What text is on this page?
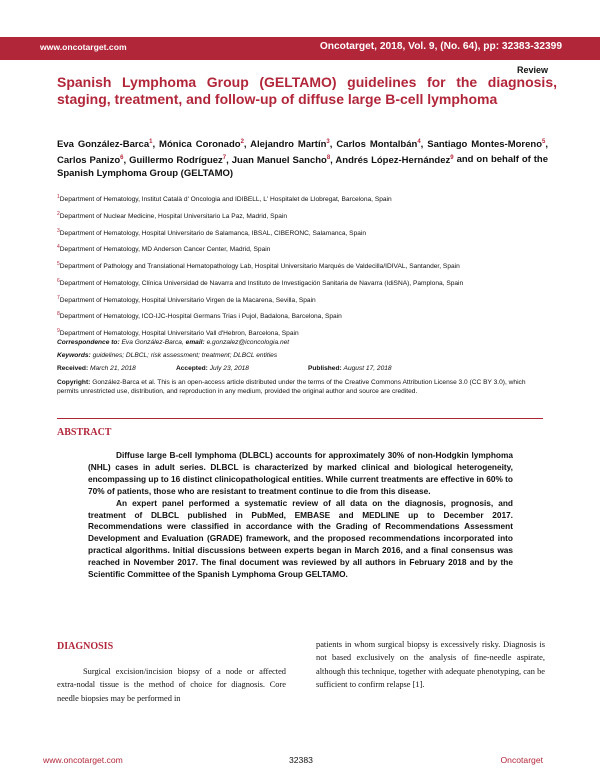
www.oncotarget.com	Oncotarget, 2018, Vol. 9, (No. 64), pp: 32383-32399
Review
Spanish Lymphoma Group (GELTAMO) guidelines for the diagnosis, staging, treatment, and follow-up of diffuse large B-cell lymphoma
Eva González-Barca$^1$, Mónica Coronado$^2$, Alejandro Martín$^3$, Carlos Montalbán$^4$, Santiago Montes-Moreno$^5$, Carlos Panizo$^6$, Guillermo Rodríguez$^7$, Juan Manuel Sancho$^8$, Andrés López-Hernández$^9$ and on behalf of the Spanish Lymphoma Group (GELTAMO)
$^1$Department of Hematology, Institut Català d' Oncologia and IDIBELL, L' Hospitalet de Llobregat, Barcelona, Spain
$^2$Department of Nuclear Medicine, Hospital Universitario La Paz, Madrid, Spain
$^3$Department of Hematology, Hospital Universitario de Salamanca, IBSAL, CIBERONC, Salamanca, Spain
$^4$Department of Hematology, MD Anderson Cancer Center, Madrid, Spain
$^5$Department of Pathology and Translational Hematopathology Lab, Hospital Universitario Marqués de Valdecilla/IDIVAL, Santander, Spain
$^6$Department of Hematology, Clínica Universidad de Navarra and Instituto de Investigación Sanitaria de Navarra (IdiSNA), Pamplona, Spain
$^7$Department of Hematology, Hospital Universitario Virgen de la Macarena, Sevilla, Spain
$^8$Department of Hematology, ICO-IJC-Hospital Germans Trias i Pujol, Badalona, Barcelona, Spain
$^9$Department of Hematology, Hospital Universitario Vall d'Hebron, Barcelona, Spain
Correspondence to: Eva González-Barca, email: e.gonzalez@iconcologia.net
Keywords: guidelines; DLBCL; risk assessment; treatment; DLBCL entities
Received: March 21, 2018	Accepted: July 23, 2018	Published: August 17, 2018
Copyright: González-Barca et al. This is an open-access article distributed under the terms of the Creative Commons Attribution License 3.0 (CC BY 3.0), which permits unrestricted use, distribution, and reproduction in any medium, provided the original author and source are credited.
ABSTRACT

Diffuse large B-cell lymphoma (DLBCL) accounts for approximately 30% of non-Hodgkin lymphoma (NHL) cases in adult series. DLBCL is characterized by marked clinical and biological heterogeneity, encompassing up to 16 distinct clinicopathological entities. While current treatments are effective in 60% to 70% of patients, those who are resistant to treatment continue to die from this disease.

An expert panel performed a systematic review of all data on the diagnosis, prognosis, and treatment of DLBCL published in PubMed, EMBASE and MEDLINE up to December 2017. Recommendations were classified in accordance with the Grading of Recommendations Assessment Development and Evaluation (GRADE) framework, and the proposed recommendations incorporated into practical algorithms. Initial discussions between experts began in March 2016, and a final consensus was reached in November 2017. The final document was reviewed by all authors in February 2018 and by the Scientific Committee of the Spanish Lymphoma Group GELTAMO.

DIAGNOSIS

Surgical excision/incision biopsy of a node or affected extra-nodal tissue is the method of choice for diagnosis. Core needle biopsies may be performed in

patients in whom surgical biopsy is excessively risky. Diagnosis is not based exclusively on the analysis of fine-needle aspirate, although this technique, together with adequate phenotyping, can be sufficient to confirm relapse [1].

www.oncotarget.com	32383	Oncotarget
